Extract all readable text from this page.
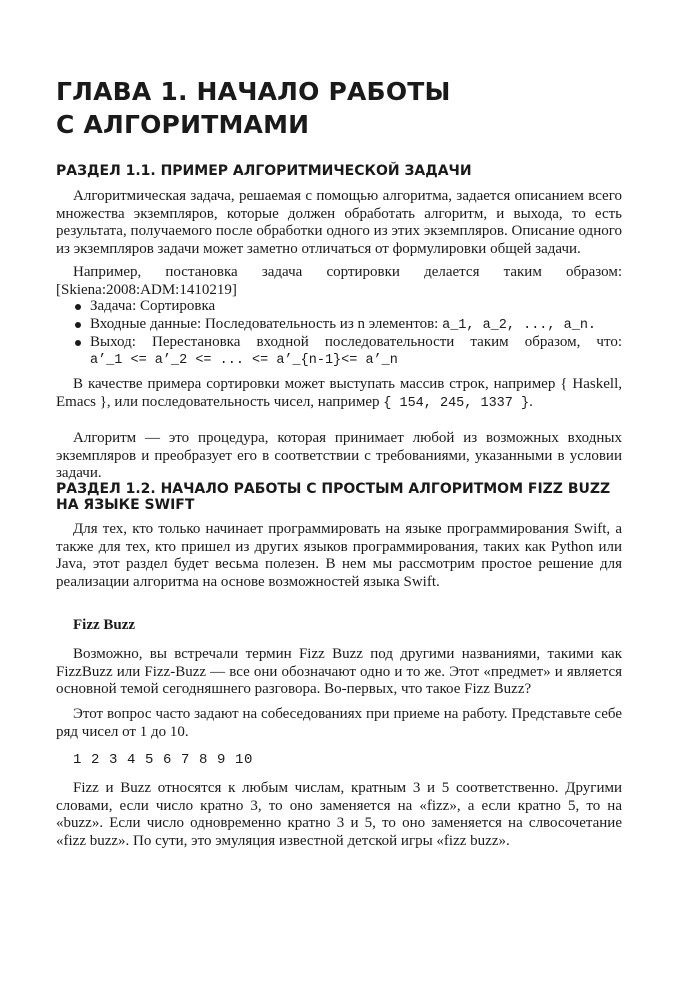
ГЛАВА 1. НАЧАЛО РАБОТЫ
С АЛГОРИТМАМИ
РАЗДЕЛ 1.1. ПРИМЕР АЛГОРИТМИЧЕСКОЙ ЗАДАЧИ

Алгоритмическая задача, решаемая с помощью алгоритма, задается описанием всего множества экземпляров, которые должен обработать алгоритм, и выхода, то есть результата, получаемого после обработки одного из этих экземпляров. Описание одного из экземпляров задачи может заметно отличаться от формулировки общей задачи.

Например, постановка задача сортировки делается таким образом: [Skiena:2008:ADM:1410219]

Задача: Сортировка
Входные данные: Последовательность из n элементов: a_1, a_2, ..., a_n.
Выход: Перестановка входной последовательности таким образом, что:
a’_1 <= a’_2 <= ... <= a’_{n-1}<= a’_n

В качестве примера сортировки может выступать массив строк, например { Haskell, Emacs }, или последовательность чисел, например { 154, 245, 1337 }.

Алгоритм — это процедура, которая принимает любой из возможных входных экземпляров и преобразует его в соответствии с требованиями, указанными в условии задачи.

РАЗДЕЛ 1.2. НАЧАЛО РАБОТЫ С ПРОСТЫМ АЛГОРИТМОМ FIZZ BUZZ
НА ЯЗЫКЕ SWIFT

Для тех, кто только начинает программировать на языке программирования Swift, а также для тех, кто пришел из других языков программирования, таких как Python или Java, этот раздел будет весьма полезен. В нем мы рассмотрим простое решение для реализации алгоритма на основе возможностей языка Swift.

Fizz Buzz

Возможно, вы встречали термин Fizz Buzz под другими названиями, такими как FizzBuzz или Fizz-Buzz — все они обозначают одно и то же. Этот «предмет» и является основной темой сегодняшнего разговора. Во-первых, что такое Fizz Buzz?

Этот вопрос часто задают на собеседованиях при приеме на работу. Представьте себе ряд чисел от 1 до 10.

1 2 3 4 5 6 7 8 9 10

Fizz и Buzz относятся к любым числам, кратным 3 и 5 соответственно. Другими словами, если число кратно 3, то оно заменяется на «fizz», а если кратно 5, то на «buzz». Если число одновременно кратно 3 и 5, то оно заменяется на слвосочетание «fizz buzz». По сути, это эмуляция известной детской игры «fizz buzz».
